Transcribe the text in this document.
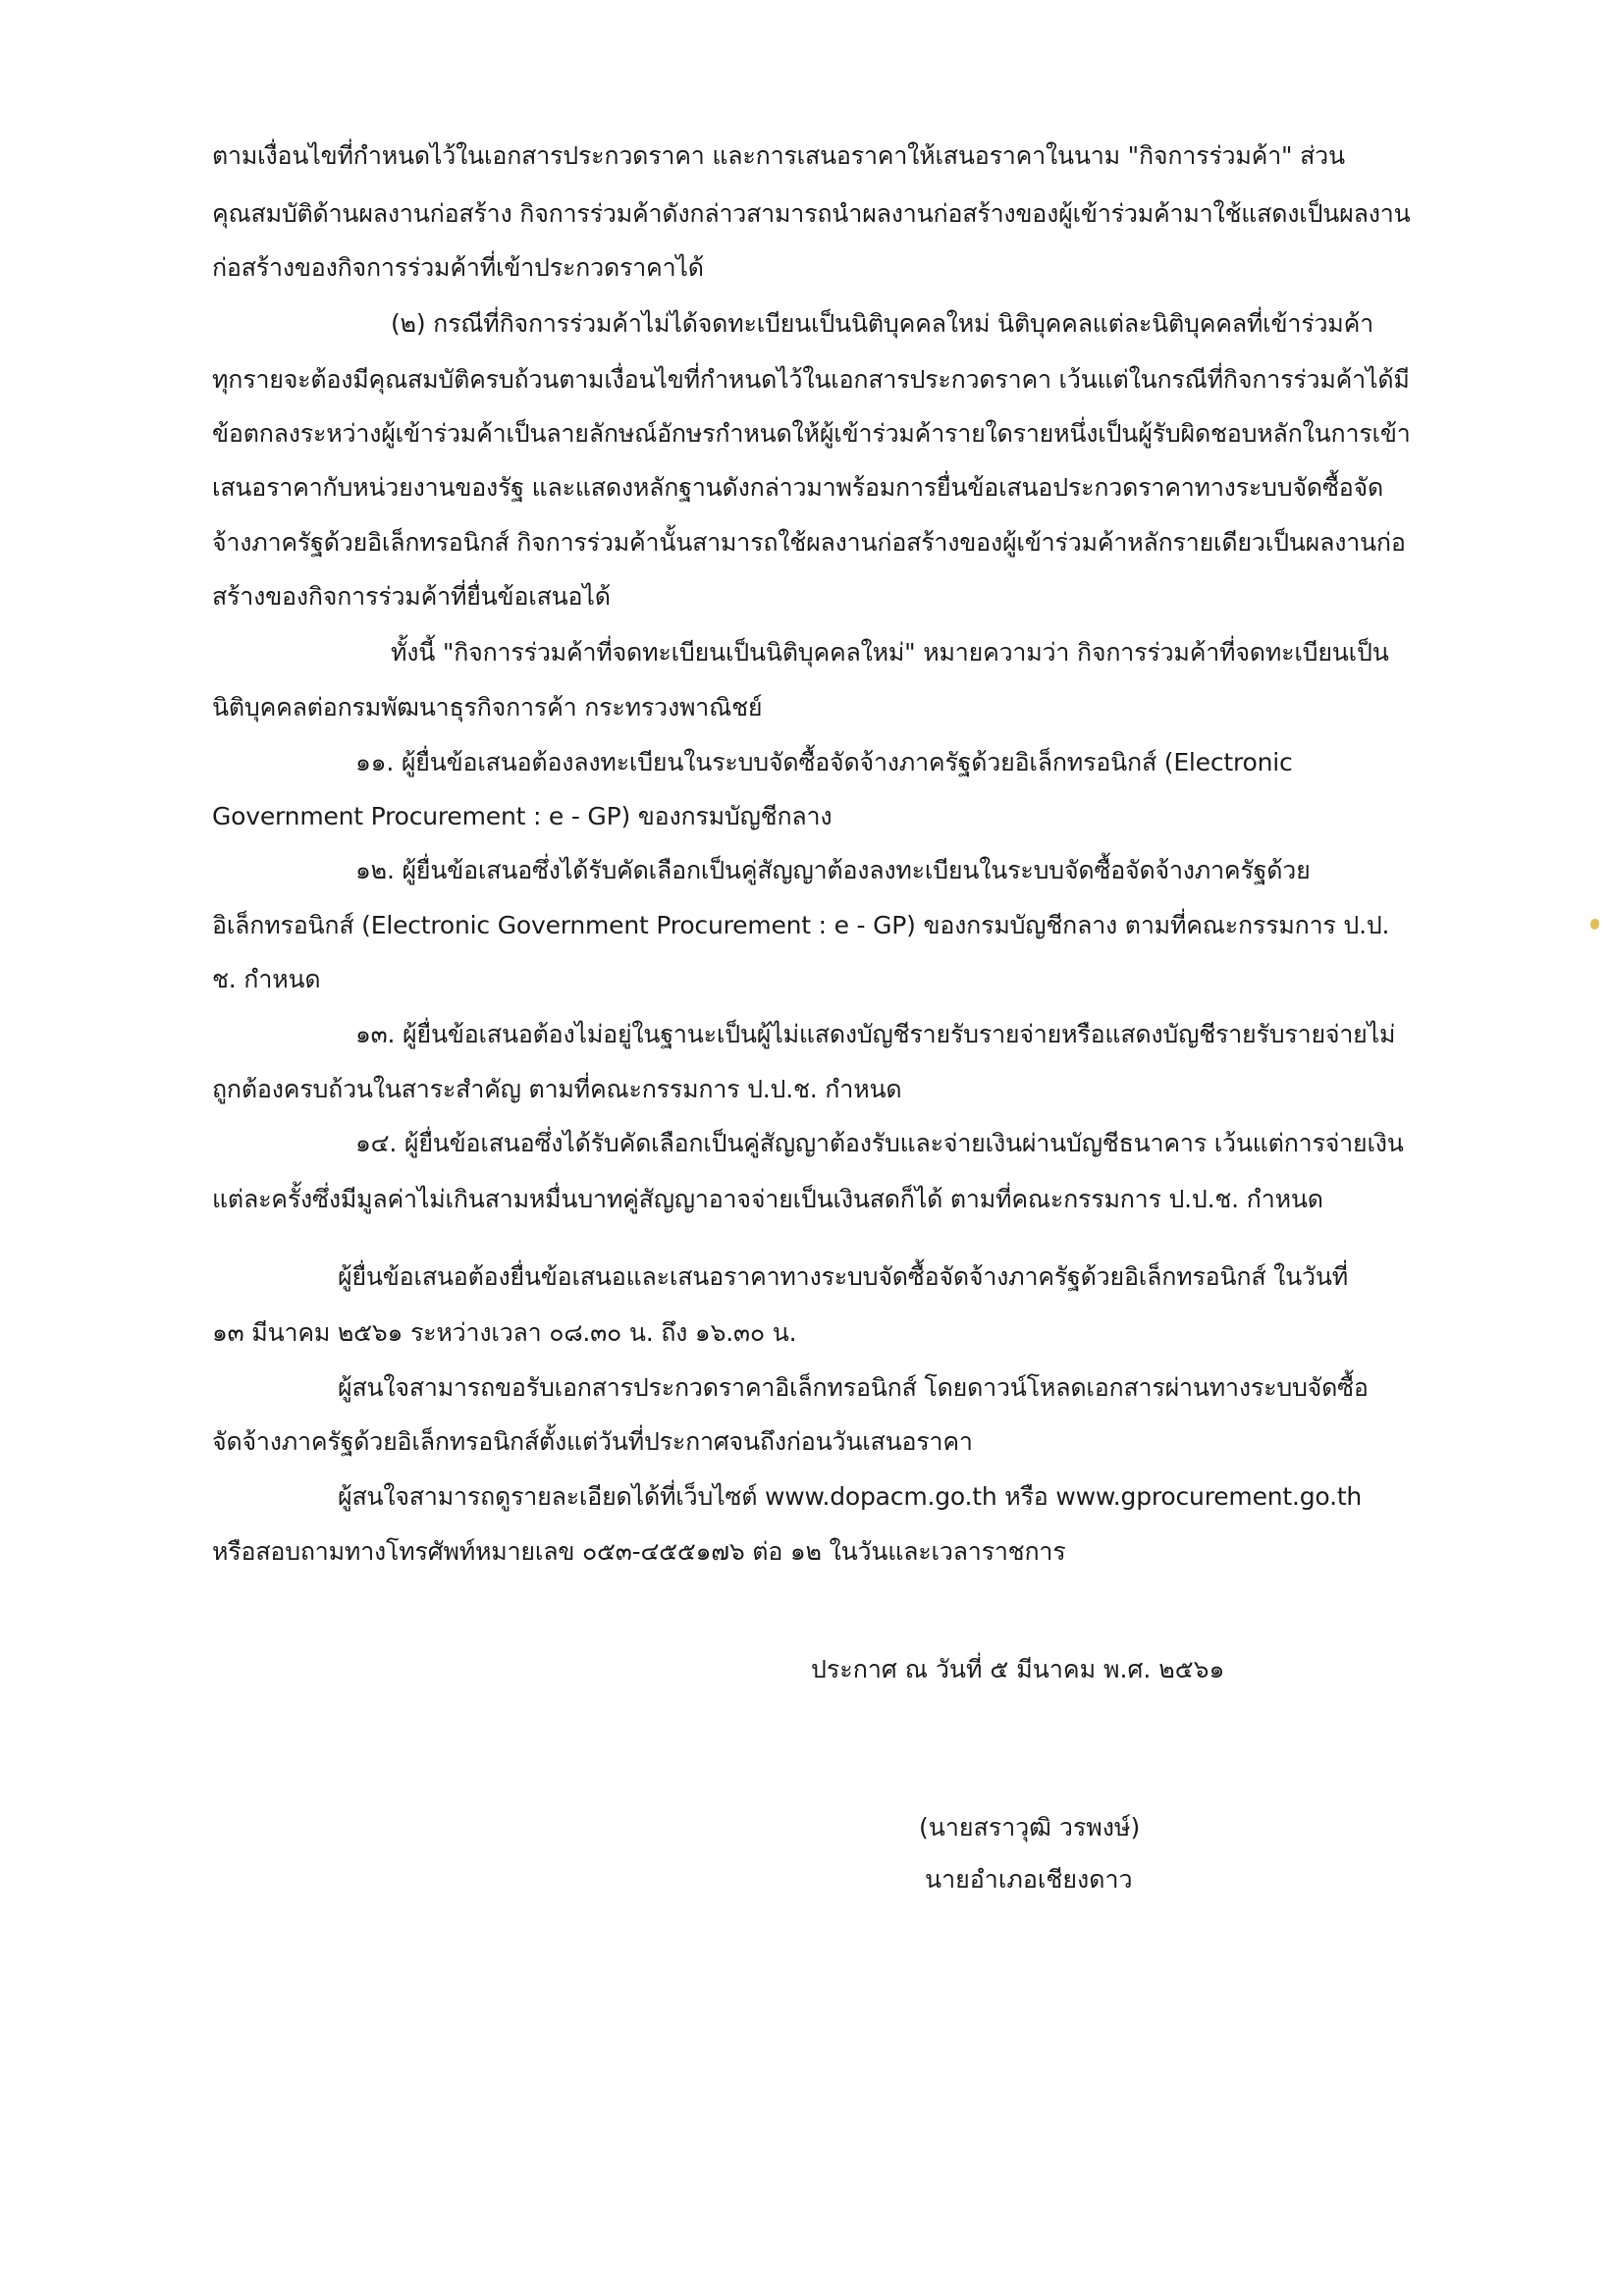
ตามเงื่อนไขที่กำหนดไว้ในเอกสารประกวดราคา และการเสนอราคาให้เสนอราคาในนาม "กิจการร่วมค้า" ส่วน
คุณสมบัติด้านผลงานก่อสร้าง กิจการร่วมค้าดังกล่าวสามารถนำผลงานก่อสร้างของผู้เข้าร่วมค้ามาใช้แสดงเป็นผลงาน
ก่อสร้างของกิจการร่วมค้าที่เข้าประกวดราคาได้
(๒) กรณีที่กิจการร่วมค้าไม่ได้จดทะเบียนเป็นนิติบุคคลใหม่ นิติบุคคลแต่ละนิติบุคคลที่เข้าร่วมค้า
ทุกรายจะต้องมีคุณสมบัติครบถ้วนตามเงื่อนไขที่กำหนดไว้ในเอกสารประกวดราคา เว้นแต่ในกรณีที่กิจการร่วมค้าได้มี
ข้อตกลงระหว่างผู้เข้าร่วมค้าเป็นลายลักษณ์อักษรกำหนดให้ผู้เข้าร่วมค้ารายใดรายหนึ่งเป็นผู้รับผิดชอบหลักในการเข้า
เสนอราคากับหน่วยงานของรัฐ และแสดงหลักฐานดังกล่าวมาพร้อมการยื่นข้อเสนอประกวดราคาทางระบบจัดซื้อจัด
จ้างภาครัฐด้วยอิเล็กทรอนิกส์ กิจการร่วมค้านั้นสามารถใช้ผลงานก่อสร้างของผู้เข้าร่วมค้าหลักรายเดียวเป็นผลงานก่อ
สร้างของกิจการร่วมค้าที่ยื่นข้อเสนอได้
ทั้งนี้ "กิจการร่วมค้าที่จดทะเบียนเป็นนิติบุคคลใหม่" หมายความว่า กิจการร่วมค้าที่จดทะเบียนเป็น
นิติบุคคลต่อกรมพัฒนาธุรกิจการค้า กระทรวงพาณิชย์
๑๑. ผู้ยื่นข้อเสนอต้องลงทะเบียนในระบบจัดซื้อจัดจ้างภาครัฐด้วยอิเล็กทรอนิกส์ (Electronic
Government Procurement : e - GP) ของกรมบัญชีกลาง
๑๒. ผู้ยื่นข้อเสนอซึ่งได้รับคัดเลือกเป็นคู่สัญญาต้องลงทะเบียนในระบบจัดซื้อจัดจ้างภาครัฐด้วย
อิเล็กทรอนิกส์ (Electronic Government Procurement : e - GP) ของกรมบัญชีกลาง ตามที่คณะกรรมการ ป.ป.
ช. กำหนด
๑๓. ผู้ยื่นข้อเสนอต้องไม่อยู่ในฐานะเป็นผู้ไม่แสดงบัญชีรายรับรายจ่ายหรือแสดงบัญชีรายรับรายจ่ายไม่
ถูกต้องครบถ้วนในสาระสำคัญ ตามที่คณะกรรมการ ป.ป.ช. กำหนด
๑๔. ผู้ยื่นข้อเสนอซึ่งได้รับคัดเลือกเป็นคู่สัญญาต้องรับและจ่ายเงินผ่านบัญชีธนาคาร เว้นแต่การจ่ายเงิน
แต่ละครั้งซึ่งมีมูลค่าไม่เกินสามหมื่นบาทคู่สัญญาอาจจ่ายเป็นเงินสดก็ได้ ตามที่คณะกรรมการ ป.ป.ช. กำหนด
ผู้ยื่นข้อเสนอต้องยื่นข้อเสนอและเสนอราคาทางระบบจัดซื้อจัดจ้างภาครัฐด้วยอิเล็กทรอนิกส์ ในวันที่
๑๓ มีนาคม ๒๕๖๑ ระหว่างเวลา ๐๘.๓๐ น. ถึง ๑๖.๓๐ น.
ผู้สนใจสามารถขอรับเอกสารประกวดราคาอิเล็กทรอนิกส์ โดยดาวน์โหลดเอกสารผ่านทางระบบจัดซื้อ
จัดจ้างภาครัฐด้วยอิเล็กทรอนิกส์ตั้งแต่วันที่ประกาศจนถึงก่อนวันเสนอราคา
ผู้สนใจสามารถดูรายละเอียดได้ที่เว็บไซต์ www.dopacm.go.th หรือ www.gprocurement.go.th
หรือสอบถามทางโทรศัพท์หมายเลข ๐๕๓-๔๕๕๑๗๖ ต่อ ๑๒ ในวันและเวลาราชการ
ประกาศ ณ วันที่ ๕ มีนาคม พ.ศ. ๒๕๖๑
(นายสราวุฒิ วรพงษ์)
นายอำเภอเชียงดาว
